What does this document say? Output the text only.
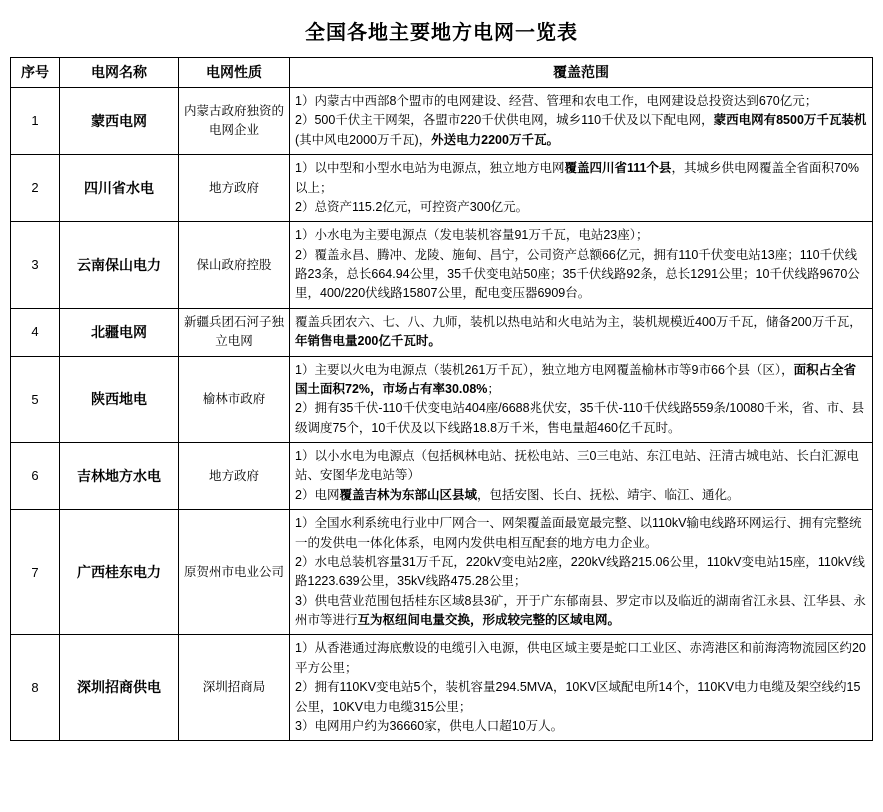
全国各地主要地方电网一览表
序号	电网名称	电网性质	覆盖范围
1	蒙西电网	内蒙古政府独资的电网企业	1）内蒙古中西部8个盟市的电网建设、经营、管理和农电工作，电网建设总投资达到670亿元；
2）500千伏主干网架，各盟市220千伏供电网，城乡110千伏及以下配电网，蒙西电网有8500万千瓦装机(其中风电2000万千瓦)，外送电力2200万千瓦。

2	四川省水电	地方政府	1）以中型和小型水电站为电源点，独立地方电网覆盖四川省111个县，其城乡供电网覆盖全省面积70%以上；
2）总资产115.2亿元，可控资产300亿元。

3	云南保山电力	保山政府控股	1）小水电为主要电源点（发电装机容量91万千瓦，电站23座）；
2）覆盖永昌、腾冲、龙陵、施甸、昌宁，公司资产总额66亿元，拥有110千伏变电站13座；110千伏线路23条，总长664.94公里，35千伏变电站50座；35千伏线路92条，总长1291公里；10千伏线路9670公里，400/220伏线路15807公里，配电变压器6909台。

4	北疆电网	新疆兵团石河子独立电网	覆盖兵团农六、七、八、九师，装机以热电站和火电站为主，装机规模近400万千瓦，储备200万千瓦，年销售电量200亿千瓦时。

5	陕西地电	榆林市政府	1）主要以火电为电源点（装机261万千瓦），独立地方电网覆盖榆林市等9市66个县（区），面积占全省国土面积72%，市场占有率30.08%；
2）拥有35千伏-110千伏变电站404座/6688兆伏安，35千伏-110千伏线路559条/10080千米，省、市、县级调度75个，10千伏及以下线路18.8万千米，售电量超460亿千瓦时。

6	吉林地方水电	地方政府	1）以小水电为电源点（包括枫林电站、抚松电站、三0三电站、东江电站、汪清古城电站、长白汇源电站、安图华龙电站等）
2）电网覆盖吉林为东部山区县域，包括安图、长白、抚松、靖宇、临江、通化。

7	广西桂东电力	原贺州市电业公司	1）全国水利系统电行业中厂网合一、网架覆盖面最宽最完整、以110kV输电线路环网运行、拥有完整统一的发供电一体化体系，电网内发供电相互配套的地方电力企业。
2）水电总装机容量31万千瓦，220kV变电站2座，220kV线路215.06公里，110kV变电站15座，110kV线路1223.639公里，35kV线路475.28公里；
3）供电营业范围包括桂东区域8县3矿，开于广东郁南县、罗定市以及临近的湖南省江永县、江华县、永州市等进行互为枢纽间电量交换，形成较完整的区域电网。

8	深圳招商供电	深圳招商局	1）从香港通过海底敷设的电缆引入电源，供电区域主要是蛇口工业区、赤湾港区和前海湾物流园区约20平方公里；
2）拥有110KV变电站5个，装机容量294.5MVA，10KV区域配电所14个，110KV电力电缆及架空线约15公里，10KV电力电缆315公里；
3）电网用户约为36660家，供电人口超10万人。
